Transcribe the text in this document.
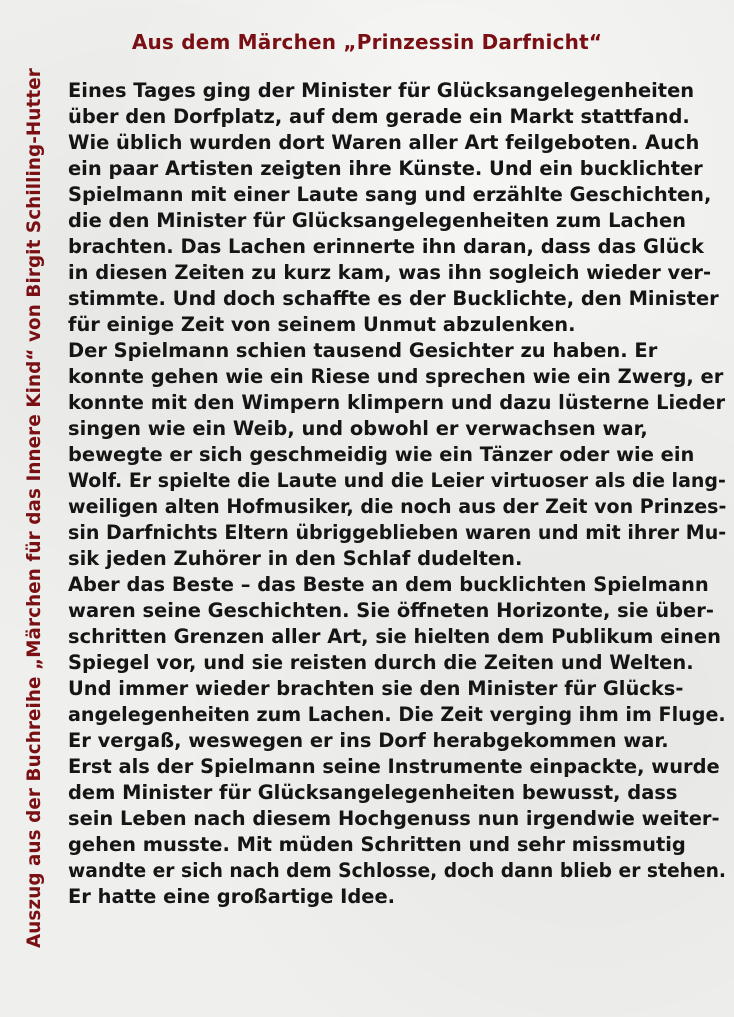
Aus dem Märchen „Prinzessin Darfnicht“
Auszug aus der Buchreihe „Märchen für das Innere Kind“ von Birgit Schilling-Hutter Eines Tages ging der Minister für Glücksangelegenheiten
über den Dorfplatz, auf dem gerade ein Markt stattfand.
Wie üblich wurden dort Waren aller Art feilgeboten. Auch
ein paar Artisten zeigten ihre Künste. Und ein bucklichter
Spielmann mit einer Laute sang und erzählte Geschichten,
die den Minister für Glücksangelegenheiten zum Lachen
brachten. Das Lachen erinnerte ihn daran, dass das Glück
in diesen Zeiten zu kurz kam, was ihn sogleich wieder ver-
stimmte. Und doch schaffte es der Bucklichte, den Minister
für einige Zeit von seinem Unmut abzulenken.
Der Spielmann schien tausend Gesichter zu haben. Er
konnte gehen wie ein Riese und sprechen wie ein Zwerg, er
konnte mit den Wimpern klimpern und dazu lüsterne Lieder
singen wie ein Weib, und obwohl er verwachsen war,
bewegte er sich geschmeidig wie ein Tänzer oder wie ein
Wolf. Er spielte die Laute und die Leier virtuoser als die lang-
weiligen alten Hofmusiker, die noch aus der Zeit von Prinzes-
sin Darfnichts Eltern übriggeblieben waren und mit ihrer Mu-
sik jeden Zuhörer in den Schlaf dudelten.
Aber das Beste – das Beste an dem bucklichten Spielmann
waren seine Geschichten. Sie öffneten Horizonte, sie über-
schritten Grenzen aller Art, sie hielten dem Publikum einen
Spiegel vor, und sie reisten durch die Zeiten und Welten.
Und immer wieder brachten sie den Minister für Glücks-
angelegenheiten zum Lachen. Die Zeit verging ihm im Fluge.
Er vergaß, weswegen er ins Dorf herabgekommen war.
Erst als der Spielmann seine Instrumente einpackte, wurde
dem Minister für Glücksangelegenheiten bewusst, dass
sein Leben nach diesem Hochgenuss nun irgendwie weiter-
gehen musste. Mit müden Schritten und sehr missmutig
wandte er sich nach dem Schlosse, doch dann blieb er stehen.
Er hatte eine großartige Idee.
